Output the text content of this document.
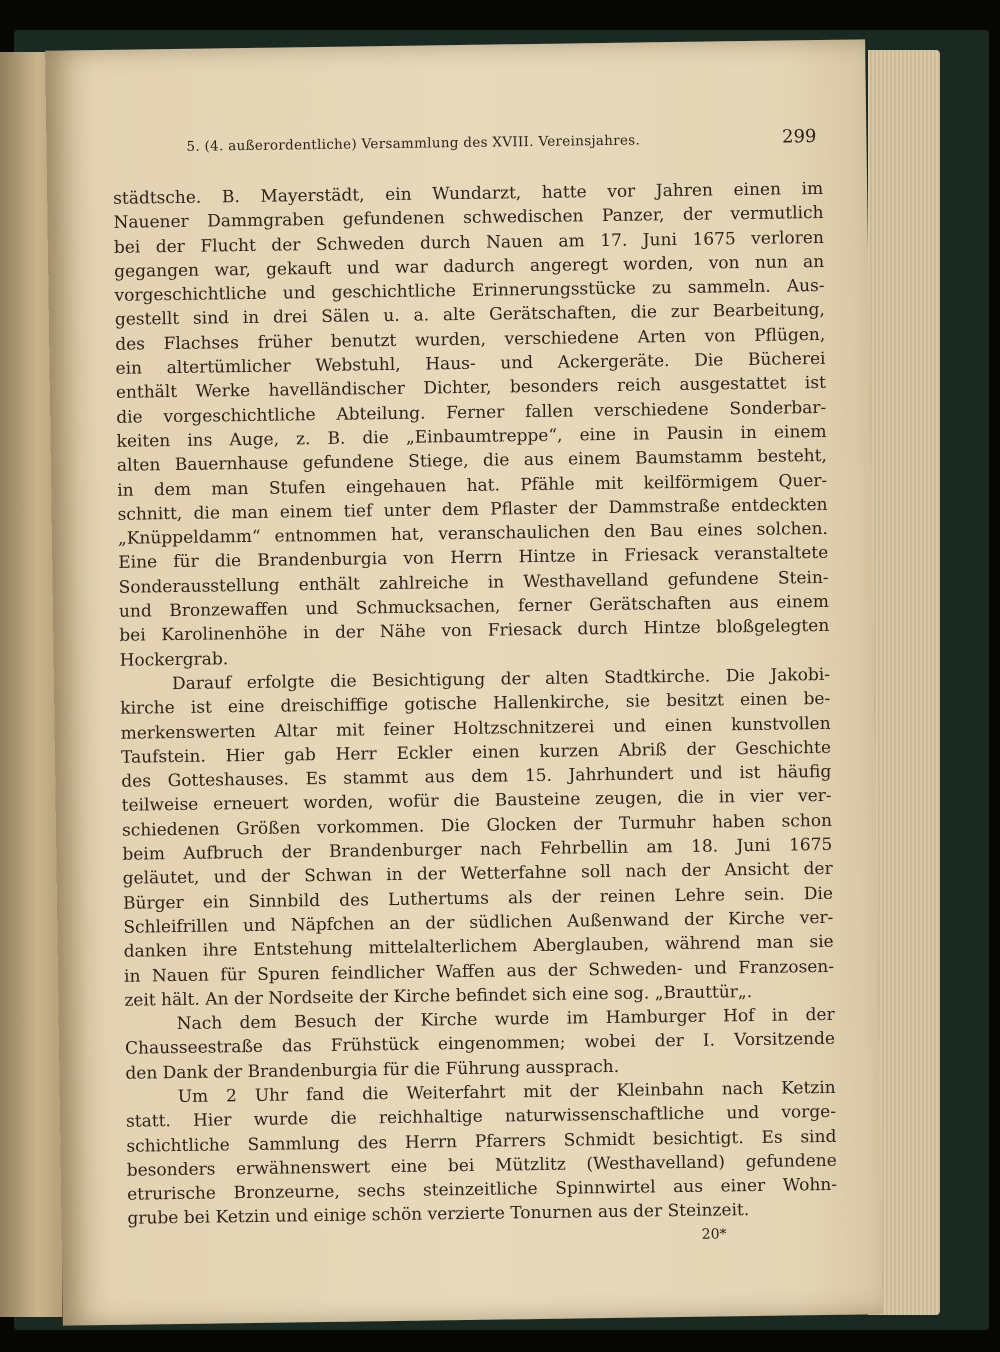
5. (4. außerordentliche) Versammlung des XVIII. Vereinsjahres.	299
städtsche. B. Mayerstädt, ein Wundarzt, hatte vor Jahren einen im
Nauener Dammgraben gefundenen schwedischen Panzer, der vermutlich
bei der Flucht der Schweden durch Nauen am 17. Juni 1675 verloren
gegangen war, gekauft und war dadurch angeregt worden, von nun an
vorgeschichtliche und geschichtliche Erinnerungsstücke zu sammeln. Aus-
gestellt sind in drei Sälen u. a. alte Gerätschaften, die zur Bearbeitung,
des Flachses früher benutzt wurden, verschiedene Arten von Pflügen,
ein altertümlicher Webstuhl, Haus- und Ackergeräte. Die Bücherei
enthält Werke havelländischer Dichter, besonders reich ausgestattet ist
die vorgeschichtliche Abteilung. Ferner fallen verschiedene Sonderbar-
keiten ins Auge, z. B. die „Einbaumtreppe“, eine in Pausin in einem
alten Bauernhause gefundene Stiege, die aus einem Baumstamm besteht,
in dem man Stufen eingehauen hat. Pfähle mit keilförmigem Quer-
schnitt, die man einem tief unter dem Pflaster der Dammstraße entdeckten
„Knüppeldamm“ entnommen hat, veranschaulichen den Bau eines solchen.
Eine für die Brandenburgia von Herrn Hintze in Friesack veranstaltete
Sonderausstellung enthält zahlreiche in Westhavelland gefundene Stein-
und Bronzewaffen und Schmucksachen, ferner Gerätschaften aus einem
bei Karolinenhöhe in der Nähe von Friesack durch Hintze bloßgelegten
Hockergrab.
Darauf erfolgte die Besichtigung der alten Stadtkirche. Die Jakobi-
kirche ist eine dreischiffige gotische Hallenkirche, sie besitzt einen be-
merkenswerten Altar mit feiner Holtzschnitzerei und einen kunstvollen
Taufstein. Hier gab Herr Eckler einen kurzen Abriß der Geschichte
des Gotteshauses. Es stammt aus dem 15. Jahrhundert und ist häufig
teilweise erneuert worden, wofür die Bausteine zeugen, die in vier ver-
schiedenen Größen vorkommen. Die Glocken der Turmuhr haben schon
beim Aufbruch der Brandenburger nach Fehrbellin am 18. Juni 1675
geläutet, und der Schwan in der Wetterfahne soll nach der Ansicht der
Bürger ein Sinnbild des Luthertums als der reinen Lehre sein. Die
Schleifrillen und Näpfchen an der südlichen Außenwand der Kirche ver-
danken ihre Entstehung mittelalterlichem Aberglauben, während man sie
in Nauen für Spuren feindlicher Waffen aus der Schweden- und Franzosen-
zeit hält. An der Nordseite der Kirche befindet sich eine sog. „Brauttür„.
Nach dem Besuch der Kirche wurde im Hamburger Hof in der
Chausseestraße das Frühstück eingenommen; wobei der I. Vorsitzende
den Dank der Brandenburgia für die Führung aussprach.
Um 2 Uhr fand die Weiterfahrt mit der Kleinbahn nach Ketzin
statt. Hier wurde die reichhaltige naturwissenschaftliche und vorge-
schichtliche Sammlung des Herrn Pfarrers Schmidt besichtigt. Es sind
besonders erwähnenswert eine bei Mützlitz (Westhavelland) gefundene
etrurische Bronzeurne, sechs steinzeitliche Spinnwirtel aus einer Wohn-
grube bei Ketzin und einige schön verzierte Tonurnen aus der Steinzeit.
20*
